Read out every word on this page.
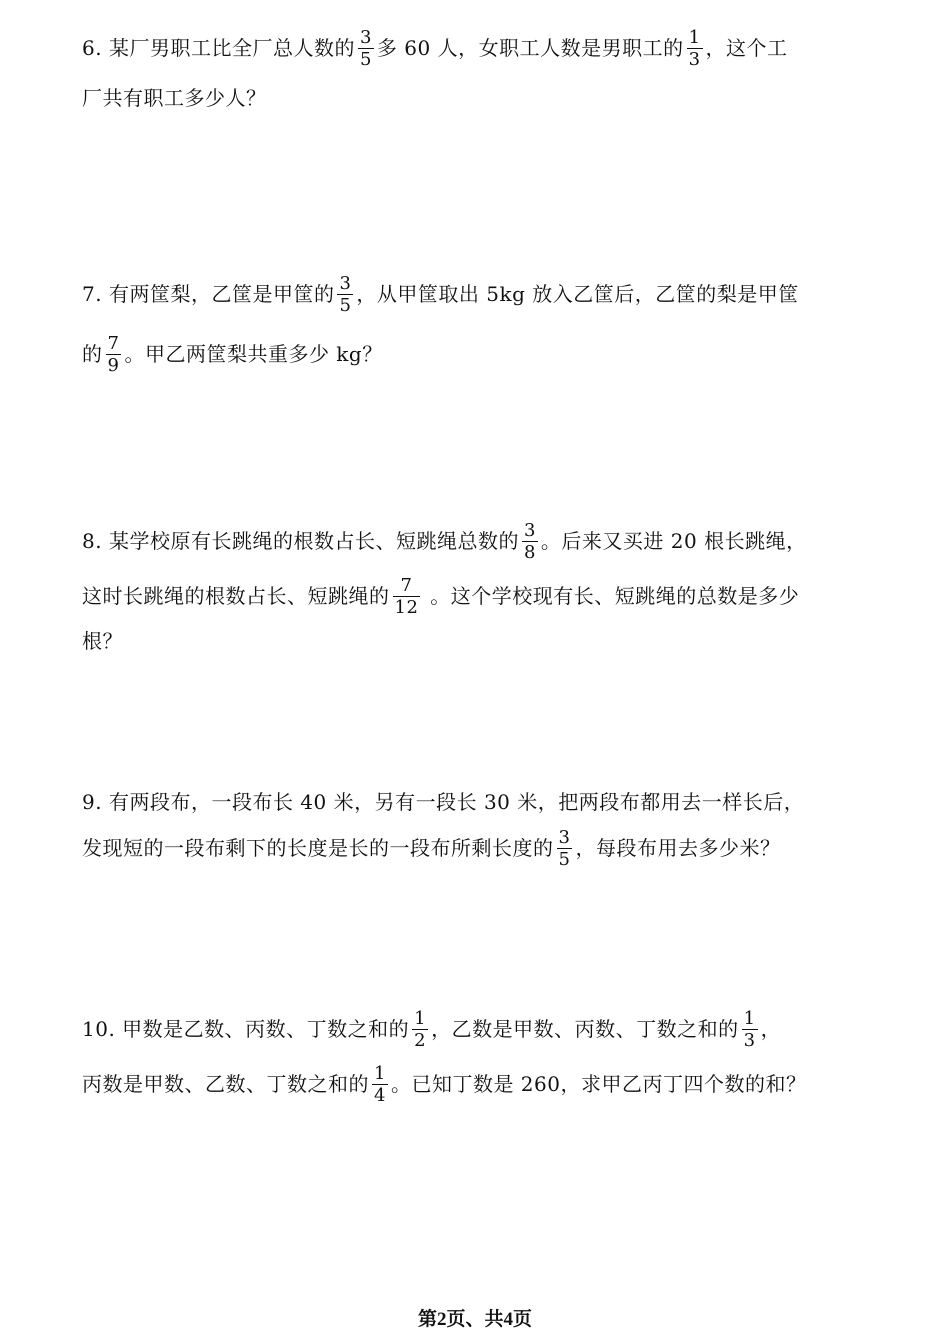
6. 某厂男职工比全厂总人数的 $\frac{3}{5}$ 多 60 人，女职工人数是男职工的 $\frac{1}{3}$ ，这个工
厂共有职工多少人？
7. 有两筐梨，乙筐是甲筐的 $\frac{3}{5}$ ，从甲筐取出 5kg 放入乙筐后，乙筐的梨是甲筐
的 $\frac{7}{9}$ 。甲乙两筐梨共重多少 kg？
8. 某学校原有长跳绳的根数占长、短跳绳总数的 $\frac{3}{8}$ 。后来又买进 20 根长跳绳，
这时长跳绳的根数占长、短跳绳的 $\frac{7}{12}$ 。这个学校现有长、短跳绳的总数是多少
根？
9. 有两段布，一段布长 40 米，另有一段长 30 米，把两段布都用去一样长后，
发现短的一段布剩下的长度是长的一段布所剩长度的 $\frac{3}{5}$ ，每段布用去多少米？
10. 甲数是乙数、丙数、丁数之和的 $\frac{1}{2}$ ，乙数是甲数、丙数、丁数之和的 $\frac{1}{3}$ ，
丙数是甲数、乙数、丁数之和的 $\frac{1}{4}$ 。已知丁数是 260，求甲乙丙丁四个数的和？
第2页、共4页
